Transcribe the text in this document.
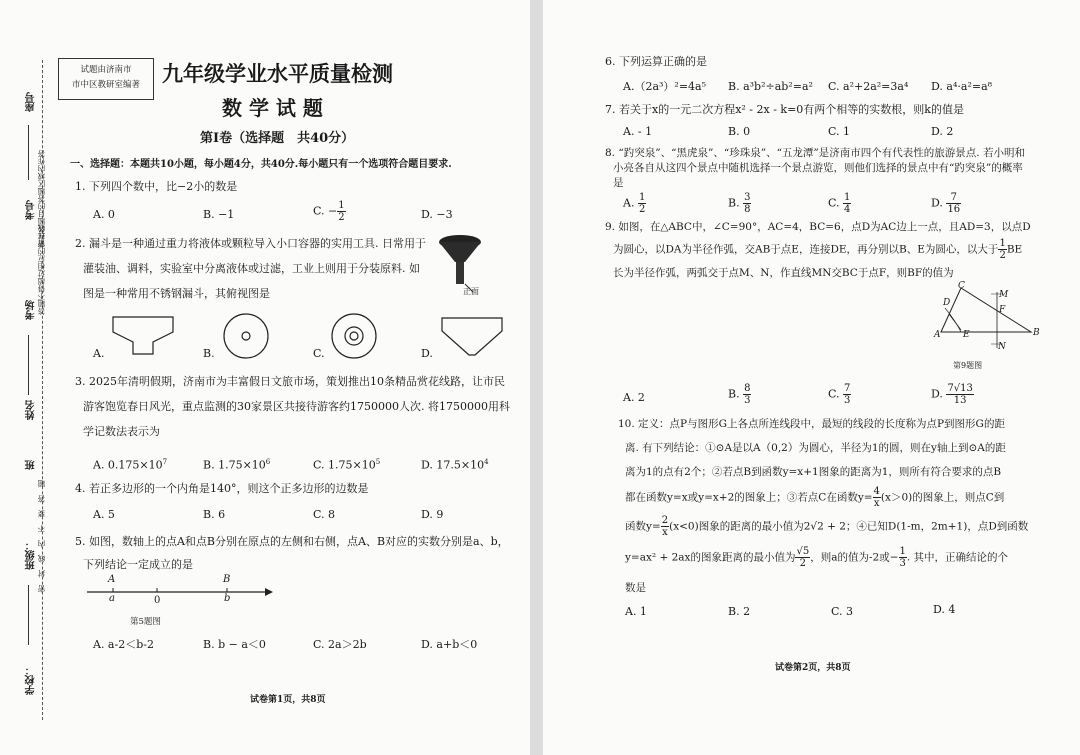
座号
请在各题目的答题区域内作答
考号
答题不得超过相应的密封线
考场
姓名
班
密　封　线　内　不　要　答　题
班级：
学校：
试题由济南市
市中区教研室编著	九年级学业水平质量检测
数 学 试 题
第Ⅰ卷（选择题　共40分）
一、选择题：本题共10小题，每小题4分，共40分.每小题只有一个选项符合题目要求.
1. 下列四个数中，比−2小的数是
A. 0	B. −1	C. − $\frac{1}{2}$	D. −3
2. 漏斗是一种通过重力将液体或颗粒导入小口容器的实用工具. 日常用于
灌装油、调料，实验室中分离液体或过滤，工业上则用于分装原料. 如
图是一种常用不锈钢漏斗，其俯视图是	正面
A.	B.	C.	D.
3. 2025年清明假期，济南市为丰富假日文旅市场，策划推出10条精品赏花线路，让市民
游客饱览春日风光，重点监测的30家景区共接待游客约1750000人次. 将1750000用科
学记数法表示为
A. $0.175\times 10^7$	B. $1.75\times 10^6$	C. $1.75\times 10^5$	D. $17.5\times 10^4$
4. 若正多边形的一个内角是140°，则这个正多边形的边数是
A. 5	B. 6	C. 8	D. 9
5. 如图，数轴上的点A和点B分别在原点的左侧和右侧，点A、B对应的实数分别是a、b，
下列结论一定成立的是
A	B
a	0	b
第5题图
A. a-2＜b-2	B. b − a＜0	C. 2a＞2b	D. a+b＜0
试卷第1页，共8页
6. 下列运算正确的是
A.（2a³）²=4a⁵ B. a³b²÷ab²=a² C. a²+2a²=3a⁴ D. a⁴·a²=a⁸
7. 若关于x的一元二次方程x² - 2x - k=0有两个相等的实数根，则k的值是
A. - 1	B. 0	C. 1	D. 2
8. “趵突泉”、“黑虎泉”、“珍珠泉”、“五龙潭”是济南市四个有代表性的旅游景点. 若小明和
小亮各自从这四个景点中随机选择一个景点游览，则他们选择的景点中有“趵突泉”的概率
是
A. $\frac{1}{2}$	B. $\frac{3}{8}$	C. $\frac{1}{4}$	D. $\frac{7}{16}$
9. 如图，在△ABC中，∠C=90°，AC=4，BC=6，点D为AC边上一点，且AD=3，以点D
为圆心，以DA为半径作弧，交AB于点E，连接DE，再分别以B、E为圆心，以大于 $\frac{1}{2}$ BE
长为半径作弧，两弧交于点M、N，作直线MN交BC于点F，则BF的值为
C
D
M
F
A	E	B
N
第9题图
A. 2	B. $\frac{8}{3}$	C. $\frac{7}{3}$	D. $\frac{7√13}{13}$
10. 定义：点P与图形G上各点所连线段中，最短的线段的长度称为点P到图形G的距
离. 有下列结论：①⊙A是以A（0,2）为圆心，半径为1的圆，则在y轴上到⊙A的距
离为1的点有2个；②若点B到函数y=x+1图象的距离为1，则所有符合要求的点B
都在函数y=x或y=x+2的图象上；③若点C在函数$y= \frac{4}{x} (x>0)$的图象上，则点C到
函数$y= \frac{2}{x} (x<0)$图象的距离的最小值为2√2 + 2；④已知D(1-m，2m+1)，点D到函数
y=ax² + 2ax的图象距离的最小值为 $\frac{√5}{2}$ ，则a的值为-2或− $\frac{1}{3}$ . 其中，正确结论的个
数是
A. 1	B. 2	C. 3	D. 4
试卷第2页，共8页
